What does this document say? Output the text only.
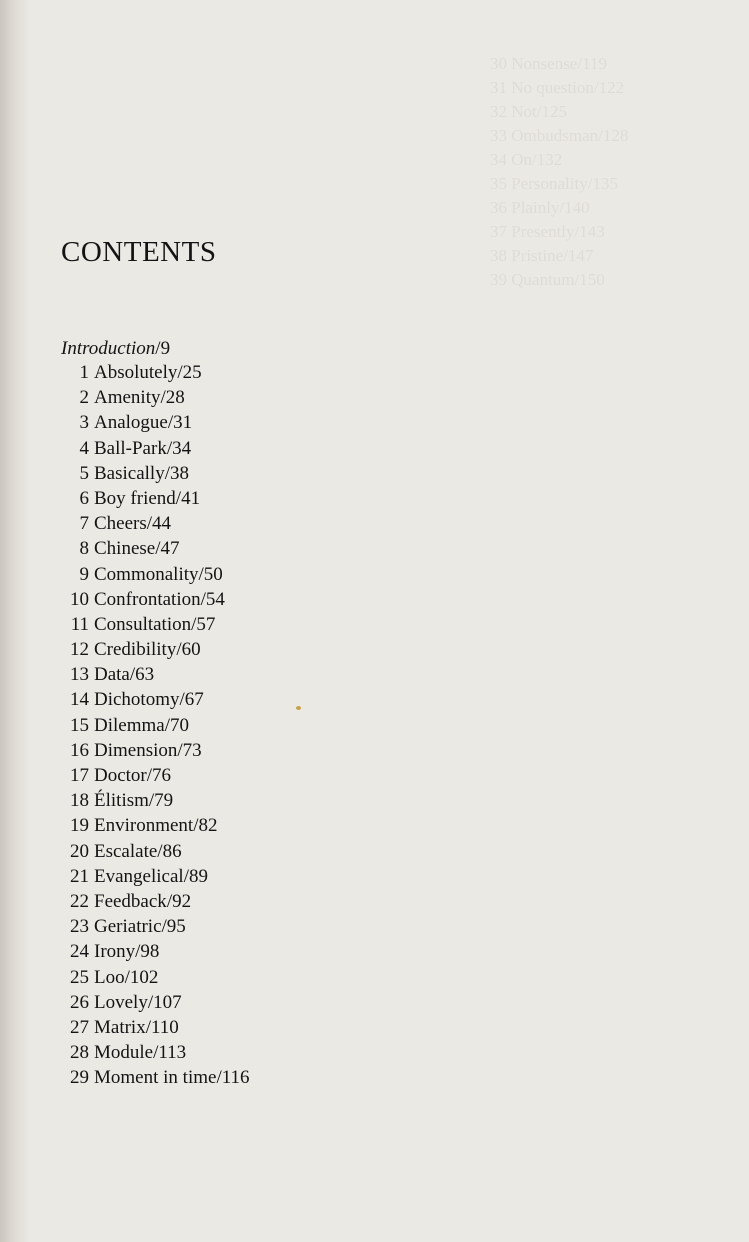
30 Nonsense/119
31 No question/122
32 Not/125
33 Ombudsman/128
34 On/132
35 Personality/135
36 Plainly/140
37 Presently/143
38 Pristine/147
39 Quantum/150
CONTENTS
Introduction/9
1 Absolutely /25
2 Amenity /28
3 Analogue /31
4 Ball-Park /34
5 Basically /38
6 Boy friend /41
7 Cheers /44
8 Chinese /47
9 Commonality /50
10 Confrontation /54
11 Consultation /57
12 Credibility /60
13 Data /63
14 Dichotomy /67
15 Dilemma /70
16 Dimension /73
17 Doctor /76
18 Élitism /79
19 Environment /82
20 Escalate /86
21 Evangelical /89
22 Feedback /92
23 Geriatric /95
24 Irony /98
25 Loo /102
26 Lovely /107
27 Matrix /110
28 Module /113
29 Moment in time /116
